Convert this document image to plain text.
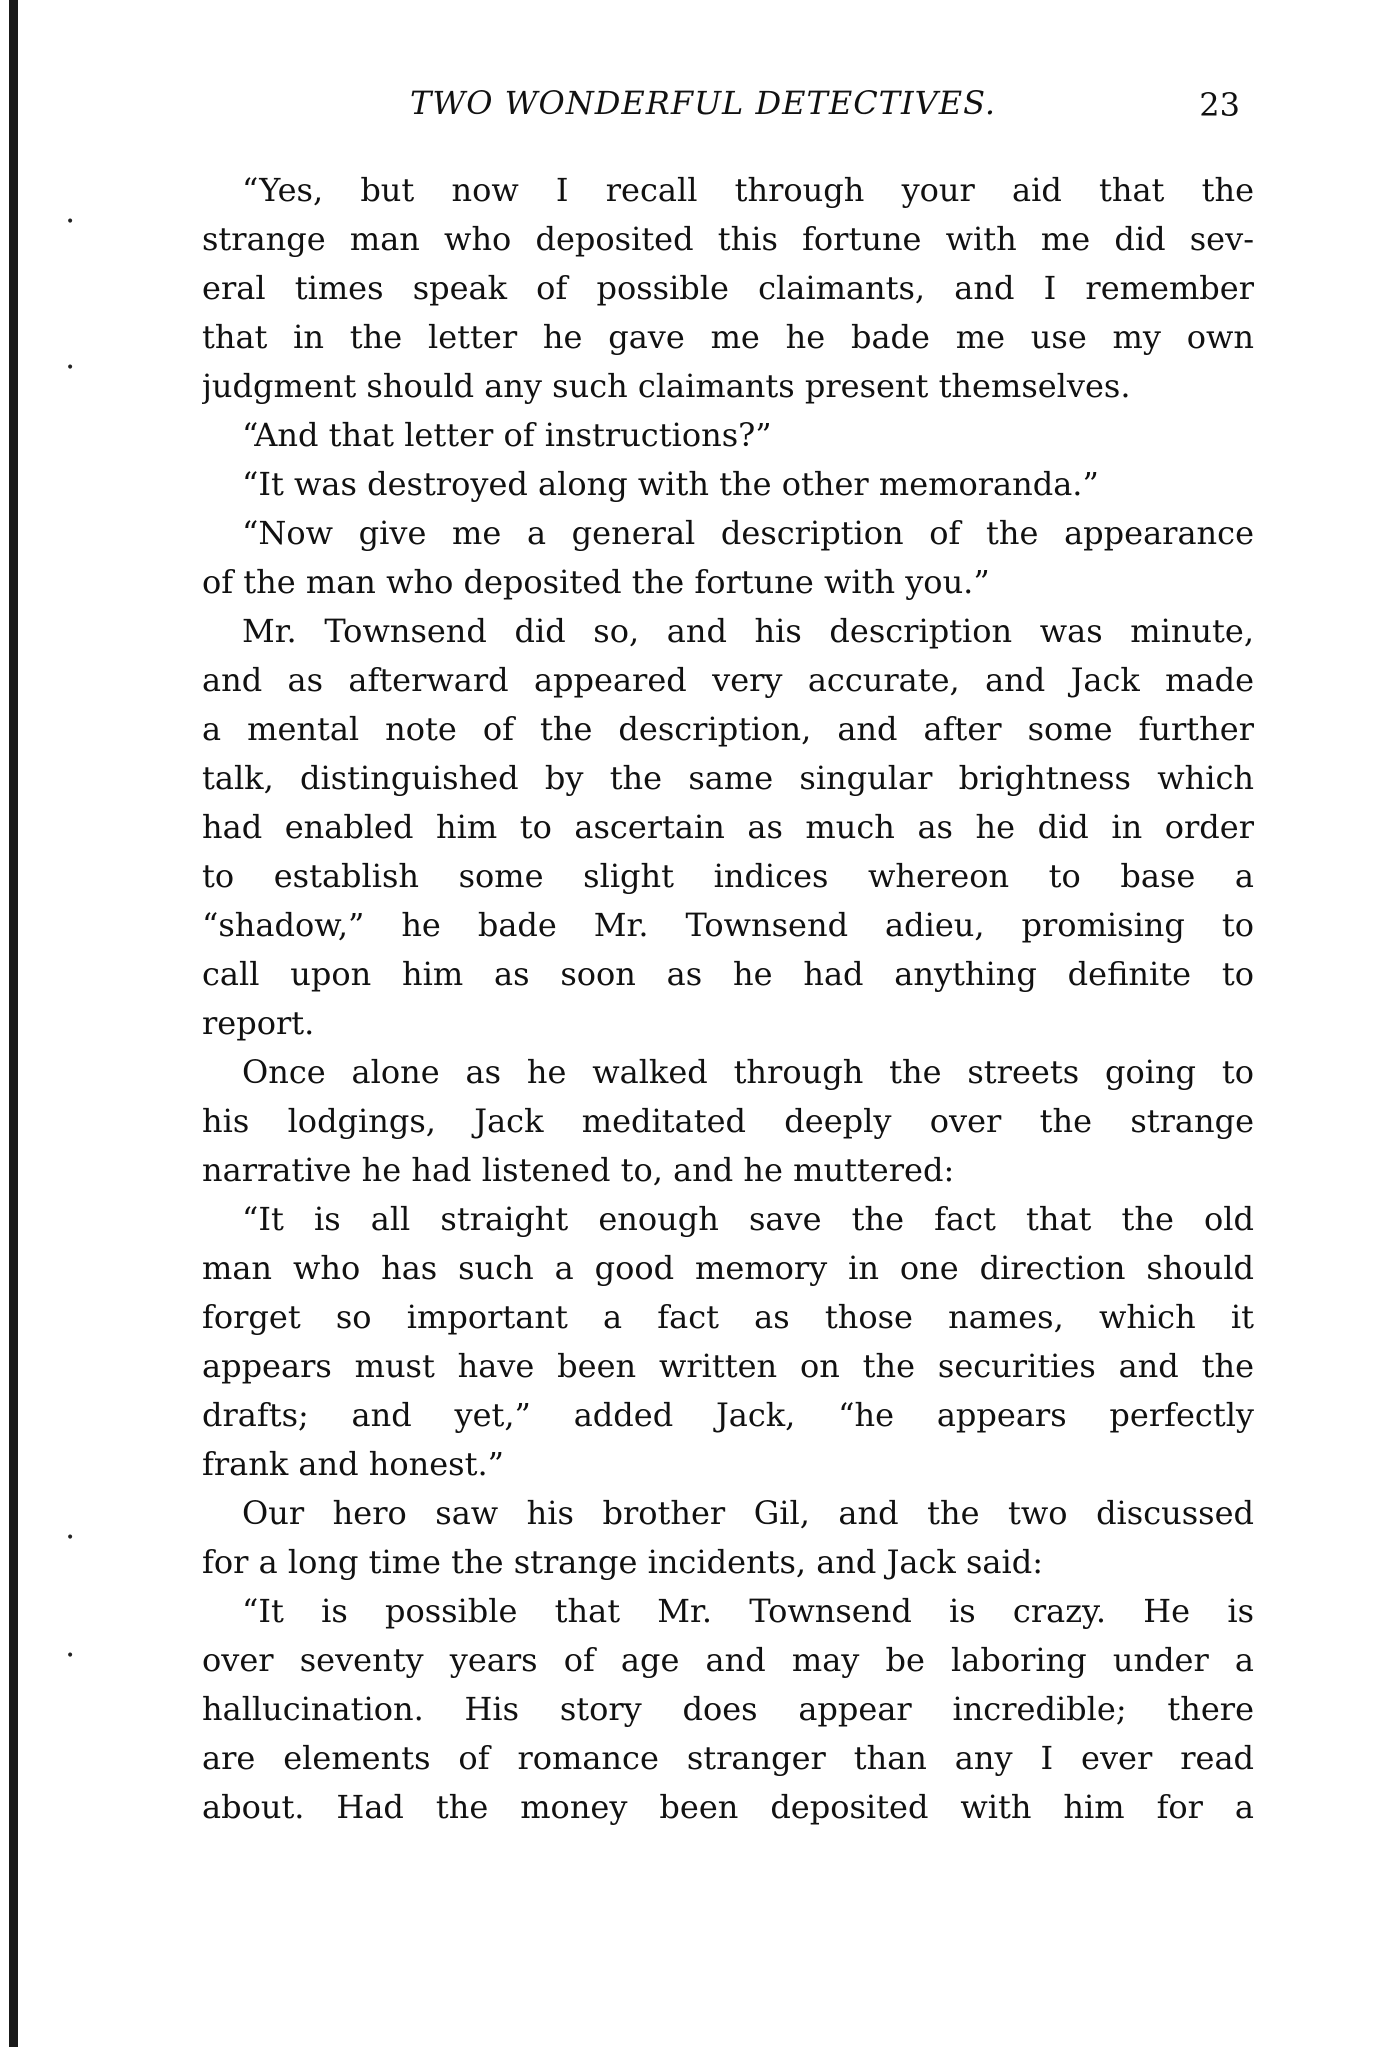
•
•
•
•
TWO WONDERFUL DETECTIVES.	23
“Yes, but now I recall through your aid that the
strange man who deposited this fortune with me did sev-
eral times speak of possible claimants, and I remember
that in the letter he gave me he bade me use my own
judgment should any such claimants present themselves.
“And that letter of instructions?”
“It was destroyed along with the other memoranda.”
“Now give me a general description of the appearance
of the man who deposited the fortune with you.”
Mr. Townsend did so, and his description was minute,
and as afterward appeared very accurate, and Jack made
a mental note of the description, and after some further
talk, distinguished by the same singular brightness which
had enabled him to ascertain as much as he did in order
to establish some slight indices whereon to base a
“shadow,” he bade Mr. Townsend adieu, promising to
call upon him as soon as he had anything definite to
report.
Once alone as he walked through the streets going to
his lodgings, Jack meditated deeply over the strange
narrative he had listened to, and he muttered:
“It is all straight enough save the fact that the old
man who has such a good memory in one direction should
forget so important a fact as those names, which it
appears must have been written on the securities and the
drafts; and yet,” added Jack, “he appears perfectly
frank and honest.”
Our hero saw his brother Gil, and the two discussed
for a long time the strange incidents, and Jack said:
“It is possible that Mr. Townsend is crazy. He is
over seventy years of age and may be laboring under a
hallucination. His story does appear incredible; there
are elements of romance stranger than any I ever read
about. Had the money been deposited with him for a
